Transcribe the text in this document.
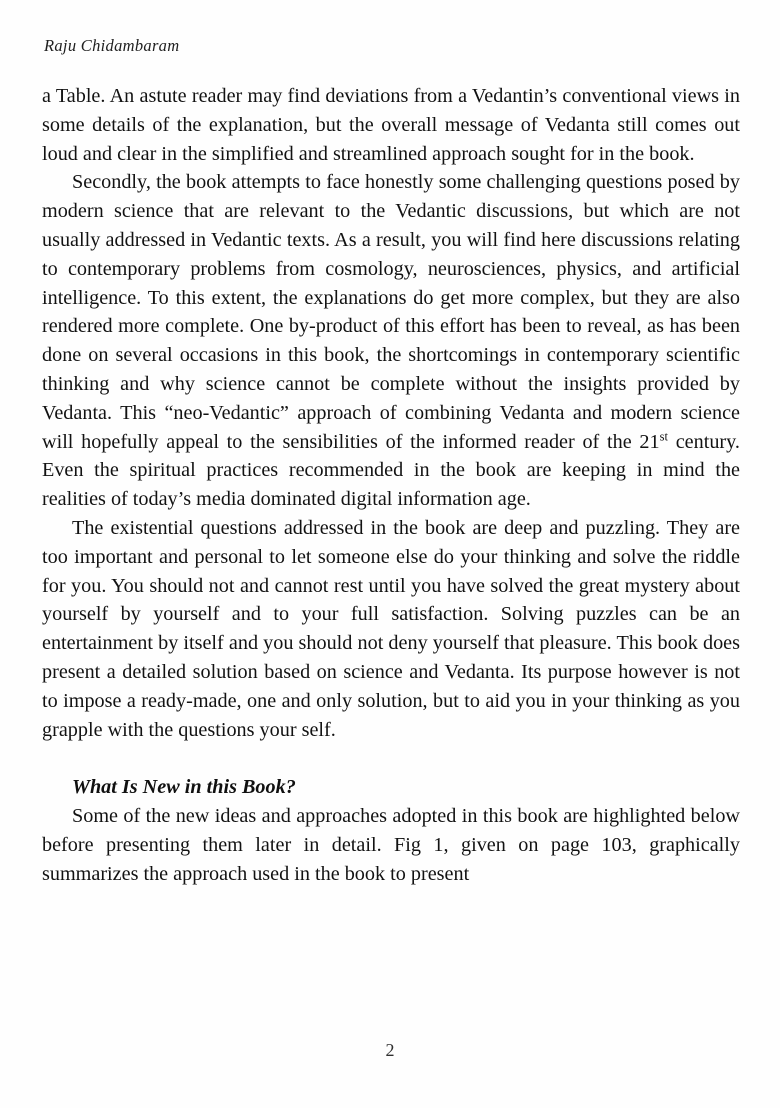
Raju Chidambaram

a Table. An astute reader may find deviations from a Vedantin’s conventional views in some details of the explanation, but the overall message of Vedanta still comes out loud and clear in the simplified and streamlined approach sought for in the book.

Secondly, the book attempts to face honestly some challenging questions posed by modern science that are relevant to the Vedantic discussions, but which are not usually addressed in Vedantic texts. As a result, you will find here discussions relating to contemporary problems from cosmology, neurosciences, physics, and artificial intelligence. To this extent, the explanations do get more complex, but they are also rendered more complete. One by-product of this effort has been to reveal, as has been done on several occasions in this book, the shortcomings in contemporary scientific thinking and why science cannot be complete without the insights provided by Vedanta. This “neo-Vedantic” approach of combining Vedanta and modern science will hopefully appeal to the sensibilities of the informed reader of the 21st century. Even the spiritual practices recommended in the book are keeping in mind the realities of today’s media dominated digital information age.

The existential questions addressed in the book are deep and puzzling. They are too important and personal to let someone else do your thinking and solve the riddle for you. You should not and cannot rest until you have solved the great mystery about yourself by yourself and to your full satisfaction. Solving puzzles can be an entertainment by itself and you should not deny yourself that pleasure. This book does present a detailed solution based on science and Vedanta. Its purpose however is not to impose a ready-made, one and only solution, but to aid you in your thinking as you grapple with the questions your self.

What Is New in this Book?

Some of the new ideas and approaches adopted in this book are highlighted below before presenting them later in detail. Fig 1, given on page 103, graphically summarizes the approach used in the book to present

2
